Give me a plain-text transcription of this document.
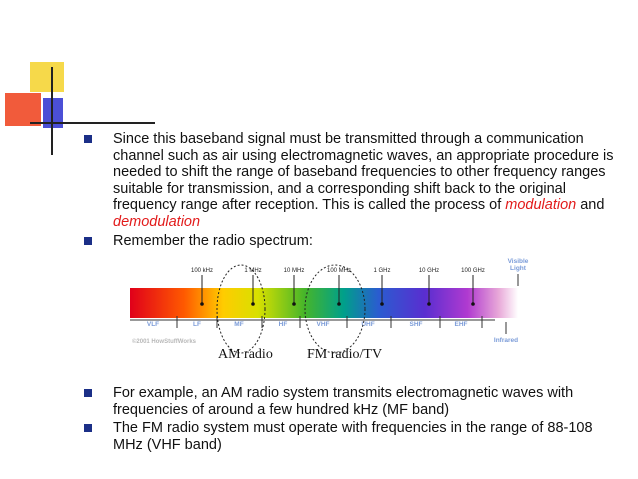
Since this baseband signal must be transmitted through a communication channel such as air using electromagnetic waves, an appropriate procedure is needed to shift the range of baseband frequencies to other frequency ranges suitable for transmission, and a corresponding shift back to the original frequency range after reception. This is called the process of modulation and demodulation
Remember the radio spectrum:
100 kHz	1 MHz	10 MHz	100 MHz	1 GHz	10 GHz	100 GHz
Visible
Light
VLF	LF	MF	HF	VHF	UHF	SHF	EHF
Infrared
©2001 HowStuffWorks
AM radio FM radio/TV
For example, an AM radio system transmits electromagnetic waves with frequencies of around a few hundred kHz (MF band)
The FM radio system must operate with frequencies in the range of 88-108 MHz (VHF band)
